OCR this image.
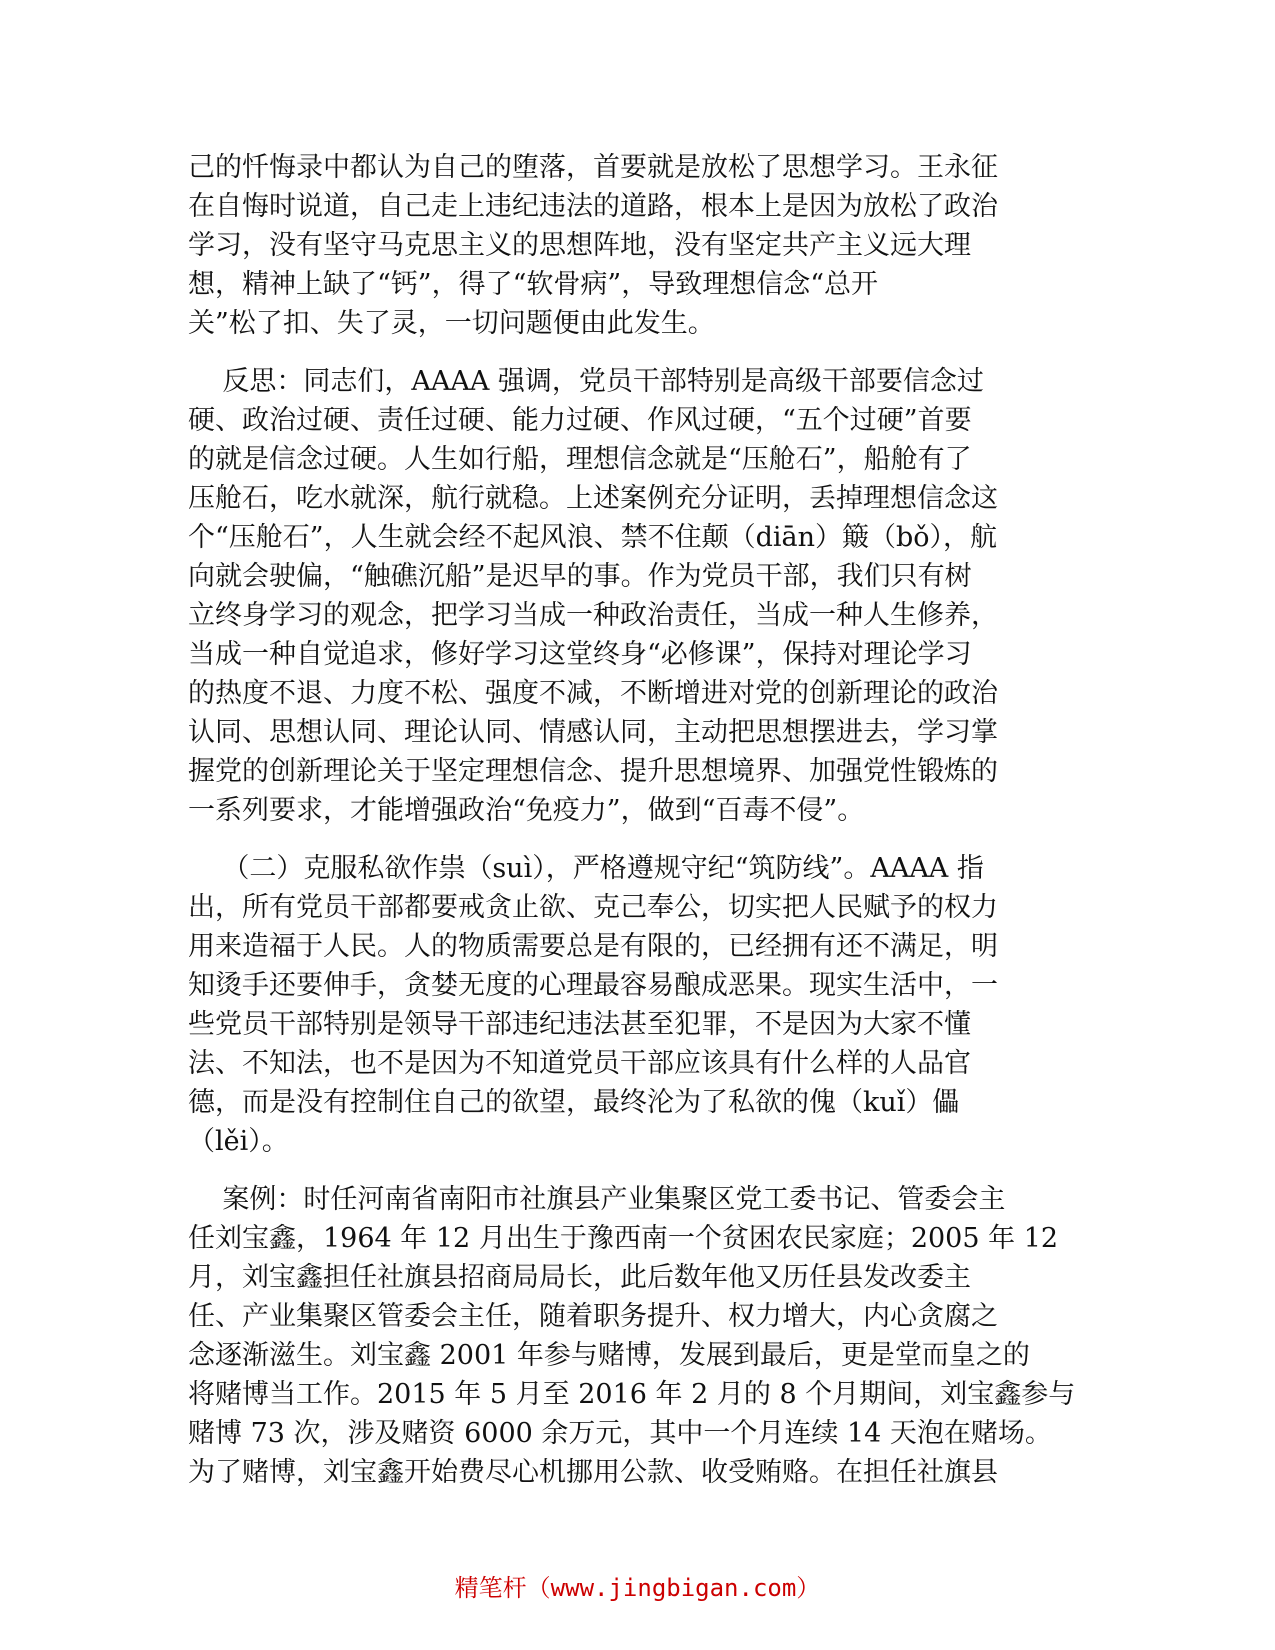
己的忏悔录中都认为自己的堕落，首要就是放松了思想学习。王永征
在自悔时说道，自己走上违纪违法的道路，根本上是因为放松了政治
学习，没有坚守马克思主义的思想阵地，没有坚定共产主义远大理
想，精神上缺了“钙”，得了“软骨病”，导致理想信念“总开
关”松了扣、失了灵，一切问题便由此发生。
反思：同志们，AAAA 强调，党员干部特别是高级干部要信念过
硬、政治过硬、责任过硬、能力过硬、作风过硬，“五个过硬”首要
的就是信念过硬。人生如行船，理想信念就是“压舱石”，船舱有了
压舱石，吃水就深，航行就稳。上述案例充分证明，丢掉理想信念这
个“压舱石”，人生就会经不起风浪、禁不住颠（diān）簸（bǒ），航
向就会驶偏，“触礁沉船”是迟早的事。作为党员干部，我们只有树
立终身学习的观念，把学习当成一种政治责任，当成一种人生修养，
当成一种自觉追求，修好学习这堂终身“必修课”，保持对理论学习
的热度不退、力度不松、强度不减，不断增进对党的创新理论的政治
认同、思想认同、理论认同、情感认同，主动把思想摆进去，学习掌
握党的创新理论关于坚定理想信念、提升思想境界、加强党性锻炼的
一系列要求，才能增强政治“免疫力”，做到“百毒不侵”。
（二）克服私欲作祟（suì），严格遵规守纪“筑防线”。AAAA 指
出，所有党员干部都要戒贪止欲、克己奉公，切实把人民赋予的权力
用来造福于人民。人的物质需要总是有限的，已经拥有还不满足，明
知烫手还要伸手，贪婪无度的心理最容易酿成恶果。现实生活中，一
些党员干部特别是领导干部违纪违法甚至犯罪，不是因为大家不懂
法、不知法，也不是因为不知道党员干部应该具有什么样的人品官
德，而是没有控制住自己的欲望，最终沦为了私欲的傀（kuǐ）儡
（lěi）。
案例：时任河南省南阳市社旗县产业集聚区党工委书记、管委会主
任刘宝鑫，1964 年 12 月出生于豫西南一个贫困农民家庭；2005 年 12
月，刘宝鑫担任社旗县招商局局长，此后数年他又历任县发改委主
任、产业集聚区管委会主任，随着职务提升、权力增大，内心贪腐之
念逐渐滋生。刘宝鑫 2001 年参与赌博，发展到最后，更是堂而皇之的
将赌博当工作。2015 年 5 月至 2016 年 2 月的 8 个月期间，刘宝鑫参与
赌博 73 次，涉及赌资 6000 余万元，其中一个月连续 14 天泡在赌场。
为了赌博，刘宝鑫开始费尽心机挪用公款、收受贿赂。在担任社旗县
精笔杆（www.jingbigan.com）
